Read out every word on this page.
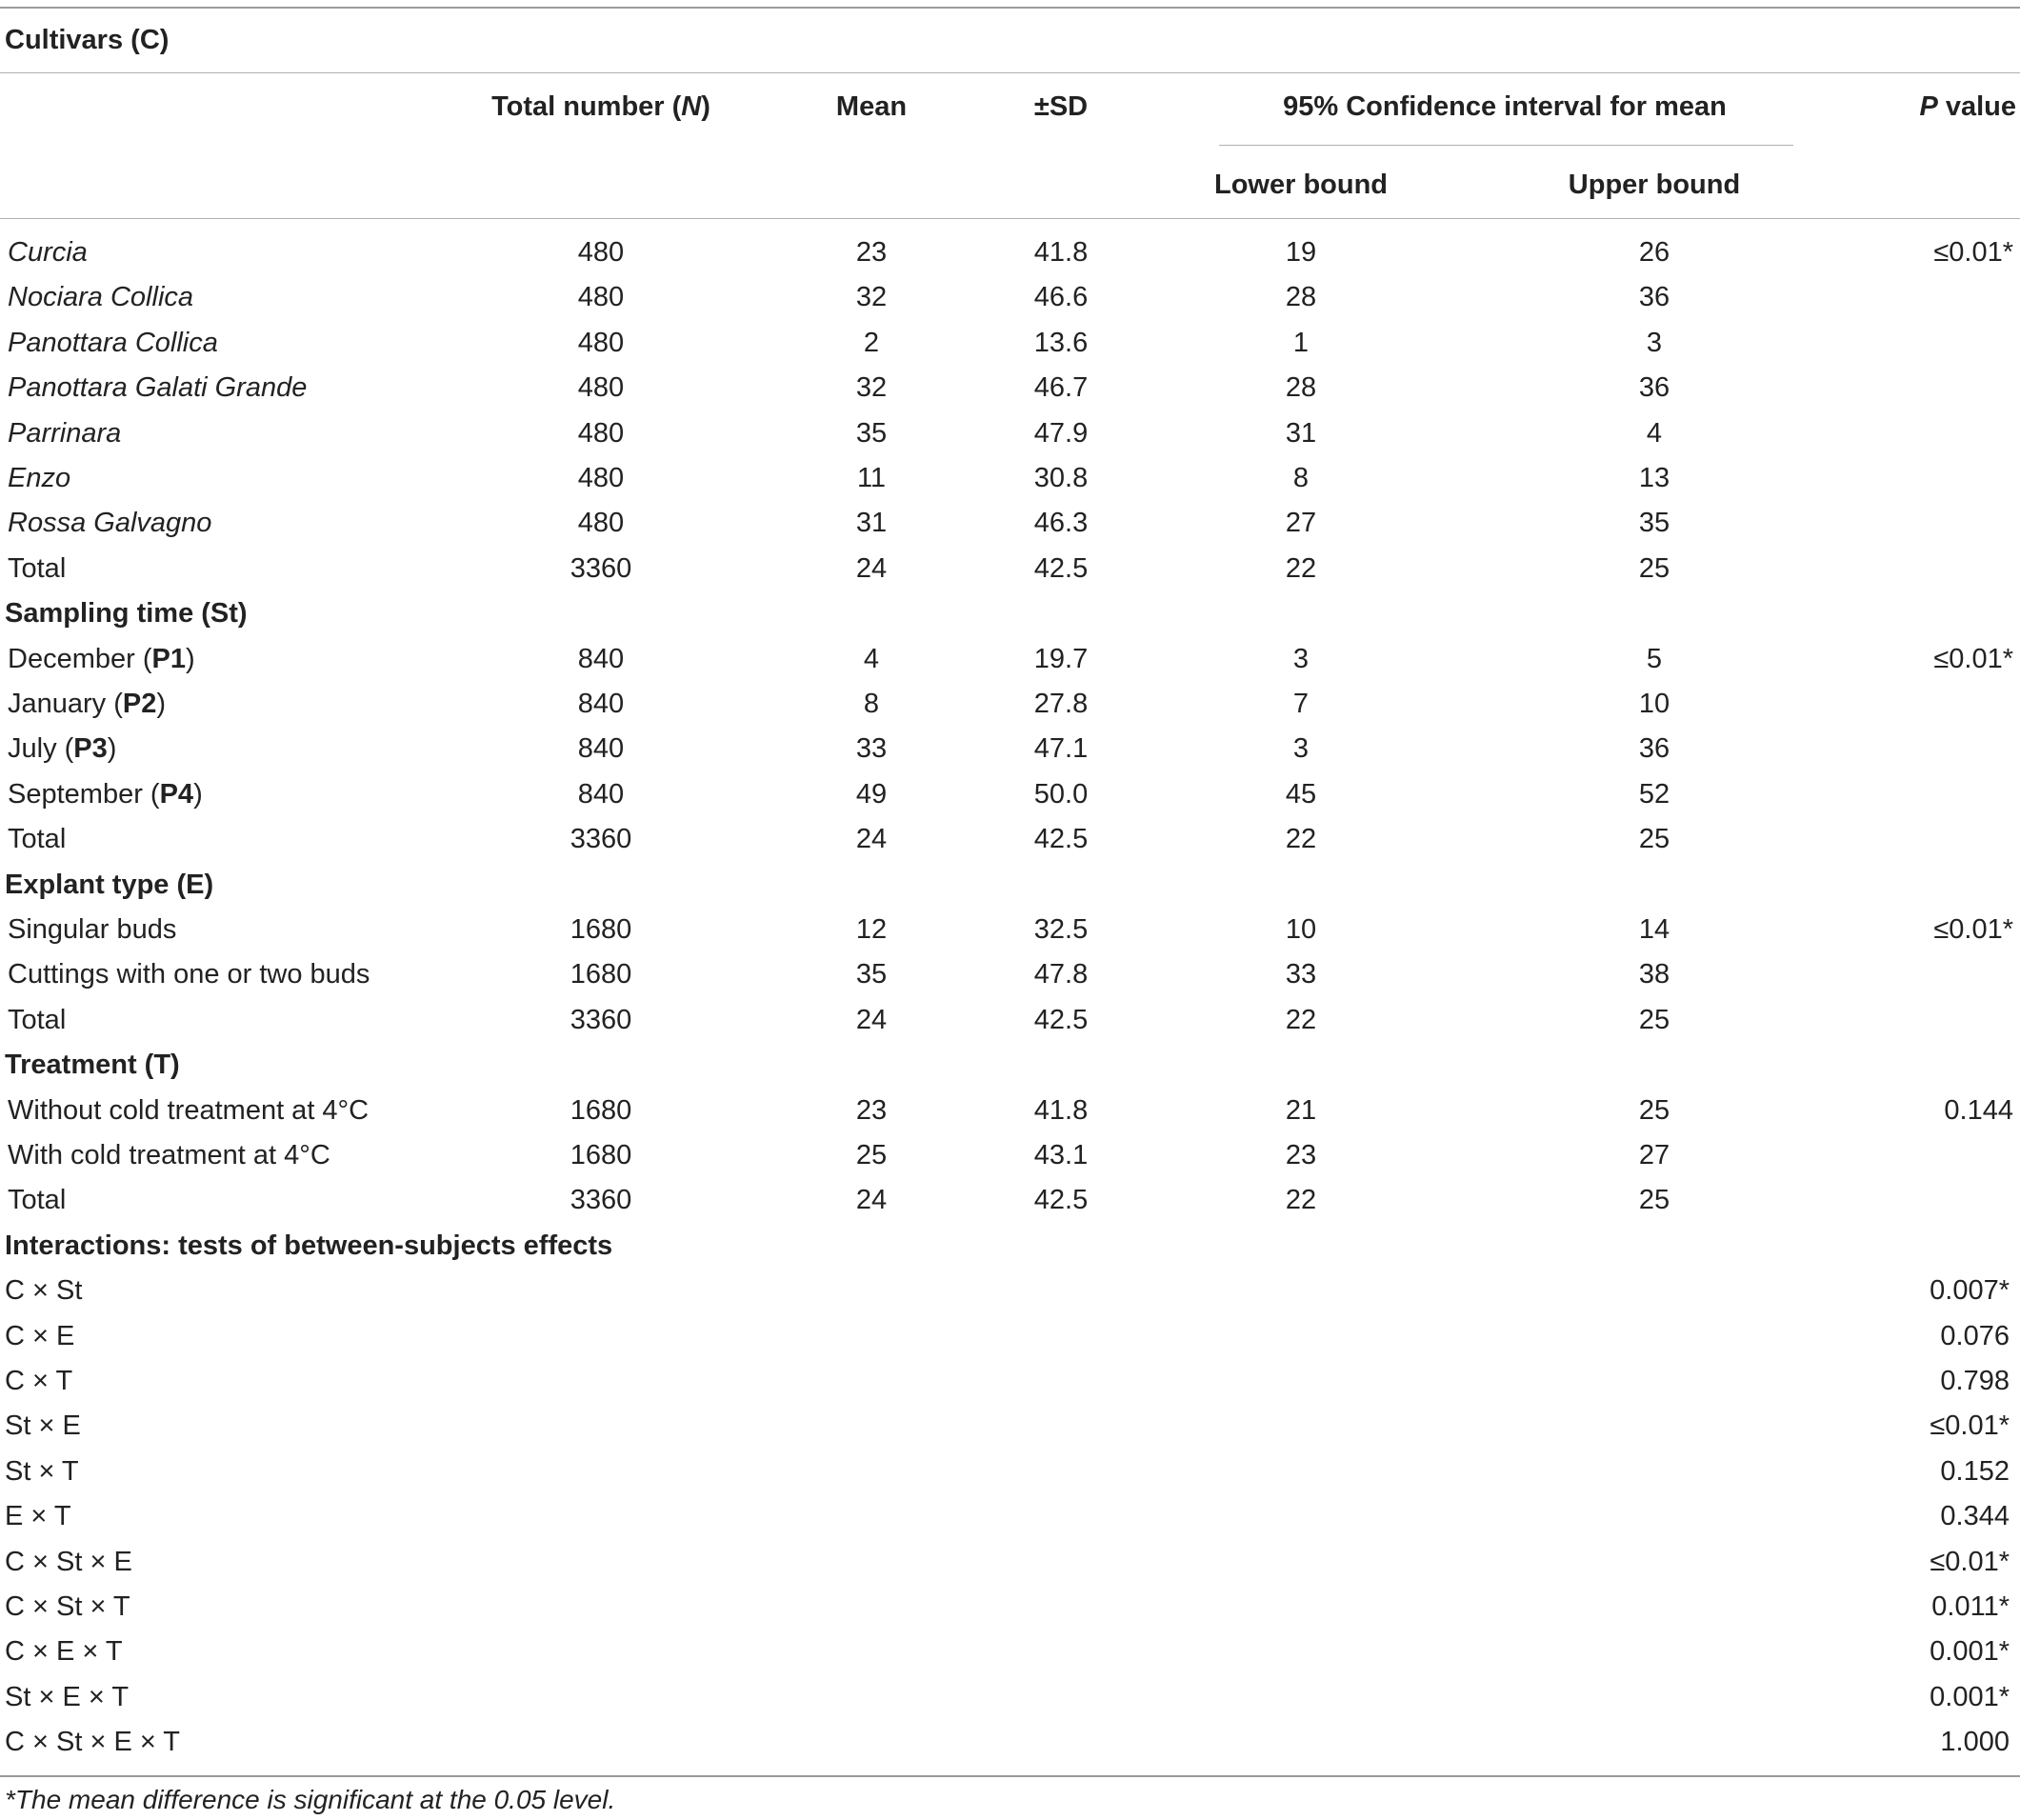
Cultivars (C)
Total number (N)	Mean	±SD	95% Confidence interval for mean	P value
Lower bound	Upper bound
Curcia	480	23	41.8	19	26	≤0.01*
Nociara Collica	480	32	46.6	28	36
Panottara Collica	480	2	13.6	1	3
Panottara Galati Grande	480	32	46.7	28	36
Parrinara	480	35	47.9	31	4
Enzo	480	11	30.8	8	13
Rossa Galvagno	480	31	46.3	27	35
Total	3360	24	42.5	22	25
Sampling time (St)
December (P1)	840	4	19.7	3	5	≤0.01*
January (P2)	840	8	27.8	7	10
July (P3)	840	33	47.1	3	36
September (P4)	840	49	50.0	45	52
Total	3360	24	42.5	22	25
Explant type (E)
Singular buds	1680	12	32.5	10	14	≤0.01*
Cuttings with one or two buds	1680	35	47.8	33	38
Total	3360	24	42.5	22	25
Treatment (T)
Without cold treatment at 4°C	1680	23	41.8	21	25	0.144
With cold treatment at 4°C	1680	25	43.1	23	27
Total	3360	24	42.5	22	25
Interactions: tests of between-subjects effects
C × St	0.007*
C × E	0.076
C × T	0.798
St × E	≤0.01*
St × T	0.152
E × T	0.344
C × St × E	≤0.01*
C × St × T	0.011*
C × E × T	0.001*
St × E × T	0.001*
C × St × E × T	1.000
*The mean difference is significant at the 0.05 level.
